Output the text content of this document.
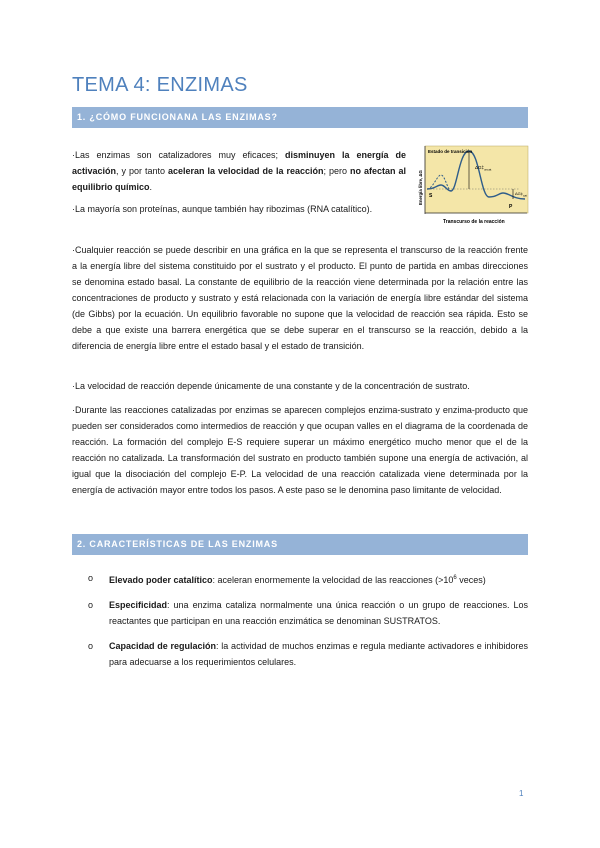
TEMA 4: ENZIMAS
1. ¿CÓMO FUNCIONANA LAS ENZIMAS?
·Las enzimas son catalizadores muy eficaces; disminuyen la energía de activación, y por tanto aceleran la velocidad de la reacción; pero no afectan al equilibrio químico.
·La mayoría son proteínas, aunque también hay ribozimas (RNA catalítico).
Estado de transición
$\Delta G\ddagger_{uncat}$
$\Delta G\ddagger_{cat}$
S
P
Energía libre, ΔG
Transcurso de la reacción
·Cualquier reacción se puede describir en una gráfica en la que se representa el transcurso de la reacción frente a la energía libre del sistema constituido por el sustrato y el producto. El punto de partida en ambas direcciones se denomina estado basal. La constante de equilibrio de la reacción viene determinada por la relación entre las concentraciones de producto y sustrato y está relacionada con la variación de energía libre estándar del sistema (de Gibbs) por la ecuación. Un equilibrio favorable no supone que la velocidad de reacción sea rápida. Esto se debe a que existe una barrera energética que se debe superar en el transcurso se la reacción, debido a la diferencia de energía libre entre el estado basal y el estado de transición.
·La velocidad de reacción depende únicamente de una constante y de la concentración de sustrato.
·Durante las reacciones catalizadas por enzimas se aparecen complejos enzima-sustrato y enzima-producto que pueden ser considerados como intermedios de reacción y que ocupan valles en el diagrama de la coordenada de reacción. La formación del complejo E-S requiere superar un máximo energético mucho menor que el de la reacción no catalizada. La transformación del sustrato en producto también supone una energía de activación, al igual que la disociación del complejo E-P. La velocidad de una reacción catalizada viene determinada por la energía de activación mayor entre todos los pasos. A este paso se le denomina paso limitante de velocidad.
2. CARACTERÍSTICAS DE LAS ENZIMAS
o Elevado poder catalítico: aceleran enormemente la velocidad de las reacciones ($>10^6$ veces)
o Especificidad: una enzima cataliza normalmente una única reacción o un grupo de reacciones. Los reactantes que participan en una reacción enzimática se denominan SUSTRATOS.
o Capacidad de regulación: la actividad de muchos enzimas e regula mediante activadores e inhibidores para adecuarse a los requerimientos celulares.
1
